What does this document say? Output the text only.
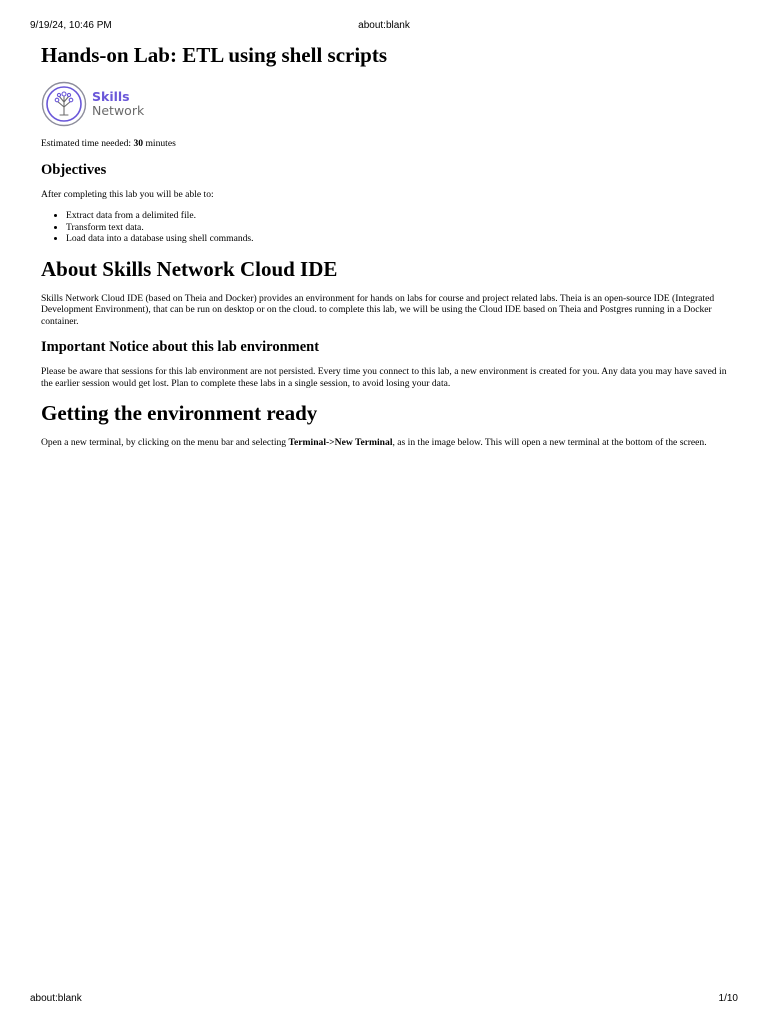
9/19/24, 10:46 PM	about:blank
Hands-on Lab: ETL using shell scripts
Skills
Network

Estimated time needed: 30 minutes

Objectives

After completing this lab you will be able to:

• Extract data from a delimited file.
• Transform text data.
• Load data into a database using shell commands.
About Skills Network Cloud IDE

Skills Network Cloud IDE (based on Theia and Docker) provides an environment for hands on labs for course and project related labs. Theia is an open-source IDE (Integrated Development Environment), that can be run on desktop or on the cloud. to complete this lab, we will be using the Cloud IDE based on Theia and Postgres running in a Docker container.

Important Notice about this lab environment

Please be aware that sessions for this lab environment are not persisted. Every time you connect to this lab, a new environment is created for you. Any data you may have saved in the earlier session would get lost. Plan to complete these labs in a single session, to avoid losing your data.

Getting the environment ready

Open a new terminal, by clicking on the menu bar and selecting Terminal->New Terminal, as in the image below. This will open a new terminal at the bottom of the screen.

about:blank	1/10
